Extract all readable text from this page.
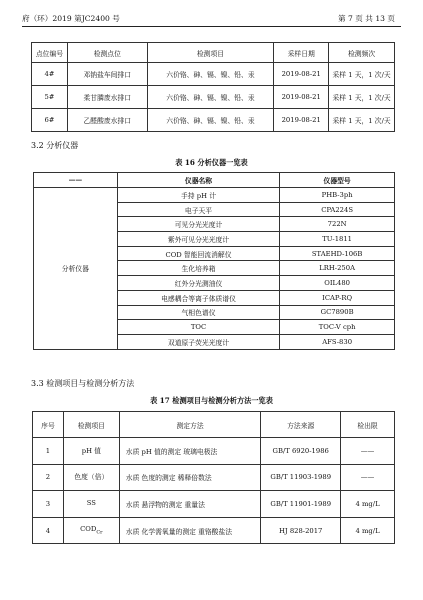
府（环）2019 第JC2400 号	第 7 页 共 13 页
点位编号	检测点位	检测项目	采样日期	检测频次
4#	邓钠盐车间排口	六价铬、砷、镉、镍、铅、汞	2019-08-21	采样 1 天，1 次/天
5#	柔甘膦废水排口	六价铬、砷、镉、镍、铅、汞	2019-08-21	采样 1 天，1 次/天
6#	乙醛酸废水排口	六价铬、砷、镉、镍、铅、汞	2019-08-21	采样 1 天，1 次/天
3.2 分析仪器
表 16 分析仪器一览表
——	仪器名称	仪器型号
分析仪器	手持 pH 计	PHB-3ph
	电子天平	CPA224S
	可见分光光度计	722N
	紫外可见分光光度计	TU-1811
	COD 智能回流消解仪	STAEHD-106B
	生化培养箱	LRH-250A
	红外分光测油仪	OIL480
	电感耦合等离子体质谱仪	ICAP-RQ
	气相色谱仪	GC7890B
	TOC	TOC-V cph
	双道原子荧光光度计	AFS-830
3.3 检测项目与检测分析方法
表 17 检测项目与检测分析方法一览表
序号	检测项目	测定方法	方法来源	检出限
1	pH 值	水质 pH 值的测定 玻璃电极法	GB/T 6920-1986	——
2	色度（倍）	水质 色度的测定 稀释倍数法	GB/T 11903-1989	——
3	SS	水质 悬浮物的测定 重量法	GB/T 11901-1989	4 mg/L
4	$COD_{Cr}$	水质 化学需氧量的测定 重铬酸盐法	HJ 828-2017	4 mg/L
